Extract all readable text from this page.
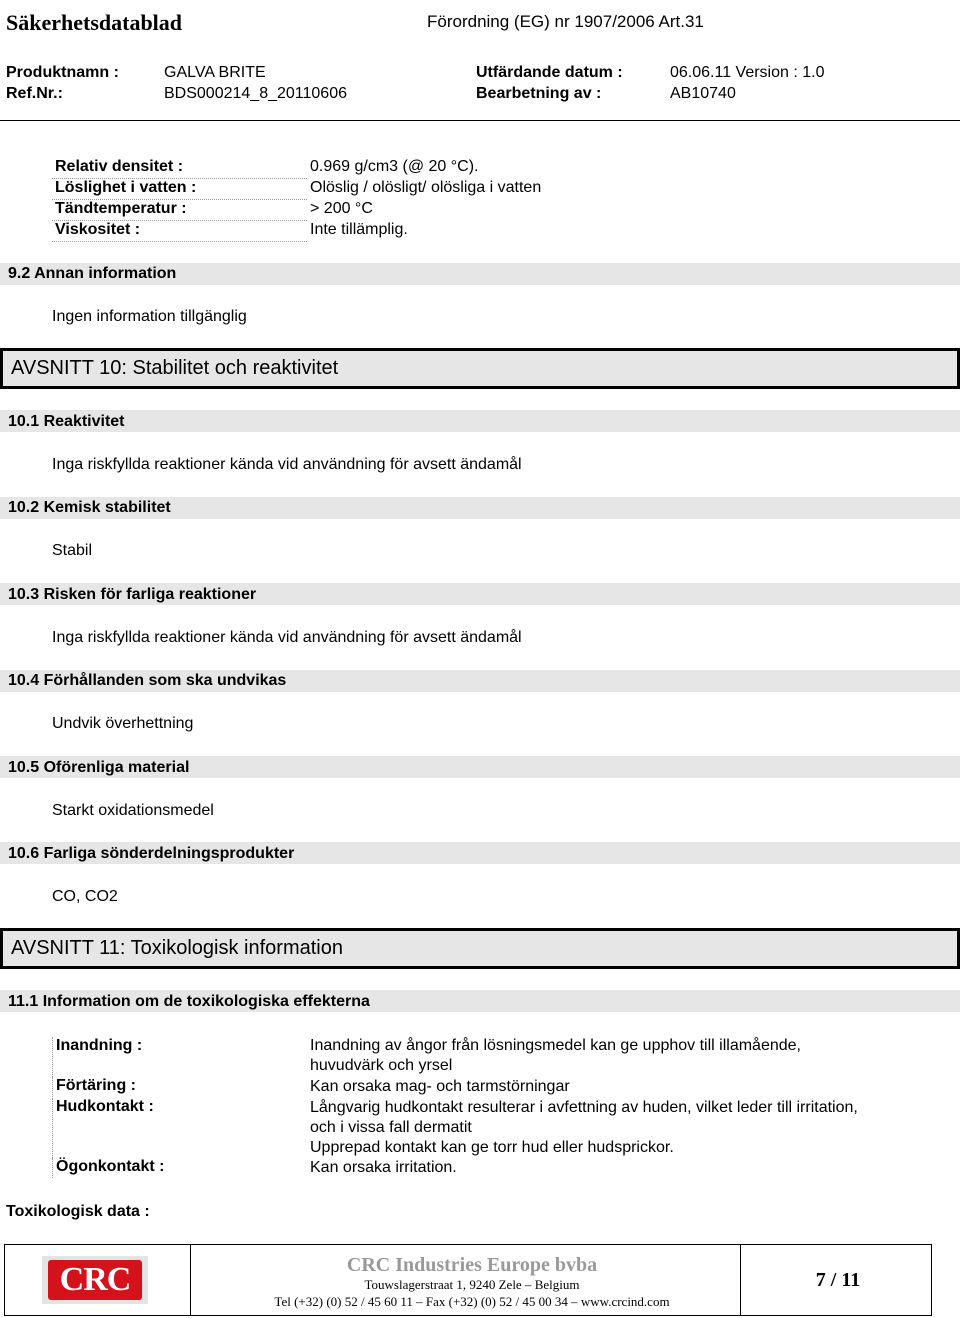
Säkerhetsdatablad	Förordning (EG) nr 1907/2006 Art.31
Produktnamn :	GALVA BRITE
Ref.Nr.:	BDS000214_8_20110606
Utfärdande datum :	06.06.11 Version : 1.0
Bearbetning av :	AB10740
Relativ densitet :	0.969 g/cm3 (@ 20 °C).
Löslighet i vatten :	Olöslig / olösligt/ olösliga i vatten
Tändtemperatur :	> 200 °C
Viskositet :	Inte tillämplig.
9.2 Annan information
Ingen information tillgänglig
AVSNITT 10: Stabilitet och reaktivitet
10.1 Reaktivitet
Inga riskfyllda reaktioner kända vid användning för avsett ändamål
10.2 Kemisk stabilitet
Stabil
10.3 Risken för farliga reaktioner
Inga riskfyllda reaktioner kända vid användning för avsett ändamål
10.4 Förhållanden som ska undvikas
Undvik överhettning
10.5 Oförenliga material
Starkt oxidationsmedel
10.6 Farliga sönderdelningsprodukter
CO, CO2
AVSNITT 11: Toxikologisk information
11.1 Information om de toxikologiska effekterna
Inandning :	Inandning av ångor från lösningsmedel kan ge upphov till illamående,
huvudvärk och yrsel
Förtäring :	Kan orsaka mag- och tarmstörningar
Hudkontakt :	Långvarig hudkontakt resulterar i avfettning av huden, vilket leder till irritation,
och i vissa fall dermatit
Upprepad kontakt kan ge torr hud eller hudsprickor.
Ögonkontakt :	Kan orsaka irritation.
Toxikologisk data :
CRC	CRC Industries Europe bvba
Touwslagerstraat 1, 9240 Zele – Belgium
Tel (+32) (0) 52 / 45 60 11 – Fax (+32) (0) 52 / 45 00 34 – www.crcind.com
7 / 11
